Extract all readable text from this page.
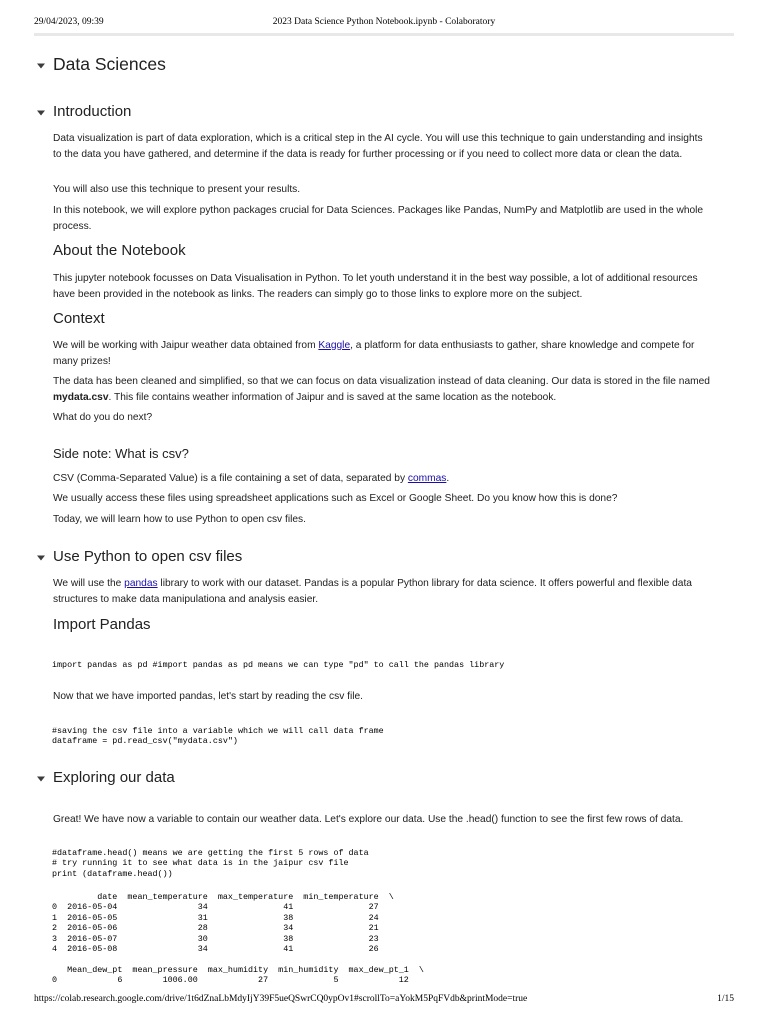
29/04/2023, 09:39	2023 Data Science Python Notebook.ipynb - Colaboratory
Data Sciences
Introduction

Data visualization is part of data exploration, which is a critical step in the AI cycle. You will use this technique to gain understanding and insights to the data you have gathered, and determine if the data is ready for further processing or if you need to collect more data or clean the data.

You will also use this technique to present your results.

In this notebook, we will explore python packages crucial for Data Sciences. Packages like Pandas, NumPy and Matplotlib are used in the whole process.

About the Notebook

This jupyter notebook focusses on Data Visualisation in Python. To let youth understand it in the best way possible, a lot of additional resources have been provided in the notebook as links. The readers can simply go to those links to explore more on the subject.

Context

We will be working with Jaipur weather data obtained from Kaggle, a platform for data enthusiasts to gather, share knowledge and compete for many prizes!

The data has been cleaned and simplified, so that we can focus on data visualization instead of data cleaning. Our data is stored in the file named mydata.csv. This file contains weather information of Jaipur and is saved at the same location as the notebook.

What do you do next?

Side note: What is csv?

CSV (Comma-Separated Value) is a file containing a set of data, separated by commas.

We usually access these files using spreadsheet applications such as Excel or Google Sheet. Do you know how this is done?

Today, we will learn how to use Python to open csv files.

Use Python to open csv files

We will use the pandas library to work with our dataset. Pandas is a popular Python library for data science. It offers powerful and flexible data structures to make data manipulationa and analysis easier.

Import Pandas
import pandas as pd #import pandas as pd means we can type "pd" to call the pandas library

Now that we have imported pandas, let's start by reading the csv file.

#saving the csv file into a variable which we will call data frame
dataframe = pd.read_csv("mydata.csv")
Exploring our data

Great! We have now a variable to contain our weather data. Let's explore our data. Use the .head() function to see the first few rows of data.

#dataframe.head() means we are getting the first 5 rows of data
# try running it to see what data is in the jaipur csv file
print (dataframe.head())
date  mean_temperature  max_temperature  min_temperature  \
0  2016-05-04                34               41               27
1  2016-05-05                31               38               24
2  2016-05-06                28               34               21
3  2016-05-07                30               38               23
4  2016-05-08                34               41               26

Mean_dew_pt  mean_pressure  max_humidity  min_humidity  max_dew_pt_1  \
0            6        1006.00            27             5            12
https://colab.research.google.com/drive/1t6dZnaLbMdyIjY39F5ueQSwrCQ0ypOv1#scrollTo=aYokM5PqFVdb&printMode=true	1/15
